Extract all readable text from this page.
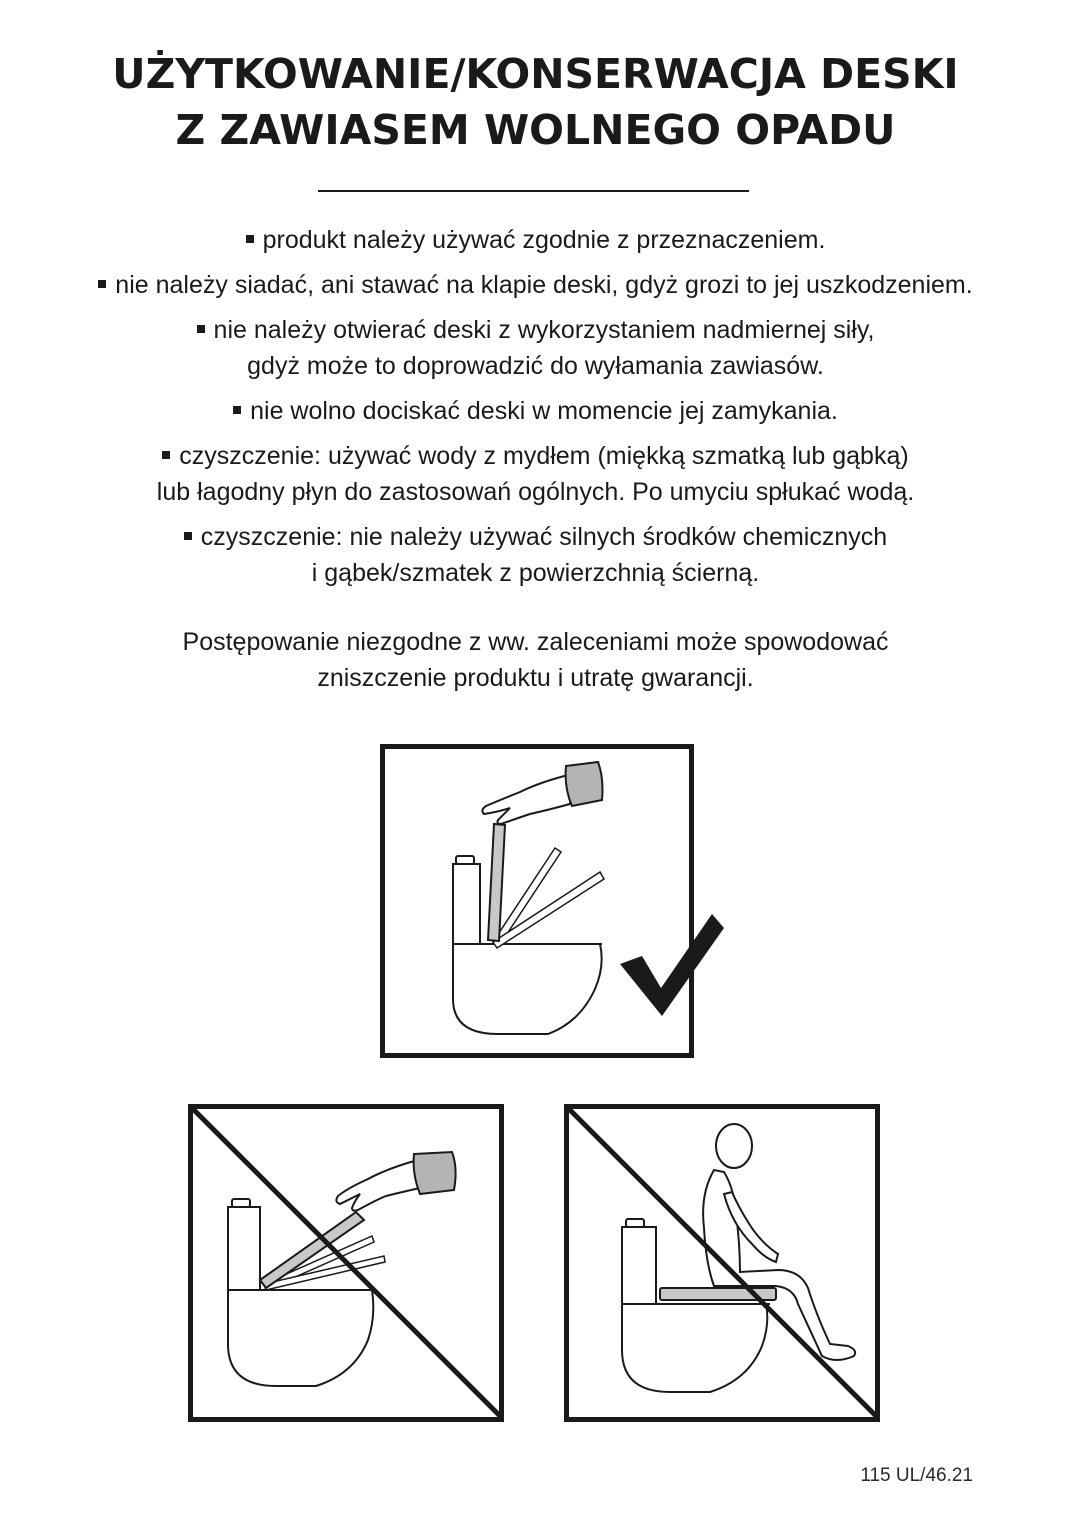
UŻYTKOWANIE/KONSERWACJA DESKI
Z ZAWIASEM WOLNEGO OPADU
produkt należy używać zgodnie z przeznaczeniem.
nie należy siadać, ani stawać na klapie deski, gdyż grozi to jej uszkodzeniem.
nie należy otwierać deski z wykorzystaniem nadmiernej siły,
gdyż może to doprowadzić do wyłamania zawiasów.
nie wolno dociskać deski w momencie jej zamykania.
czyszczenie: używać wody z mydłem (miękką szmatką lub gąbką)
lub łagodny płyn do zastosowań ogólnych. Po umyciu spłukać wodą.
czyszczenie: nie należy używać silnych środków chemicznych
i gąbek/szmatek z powierzchnią ścierną.

Postępowanie niezgodne z ww. zaleceniami może spowodować
zniszczenie produktu i utratę gwarancji.

115 UL/46.21
